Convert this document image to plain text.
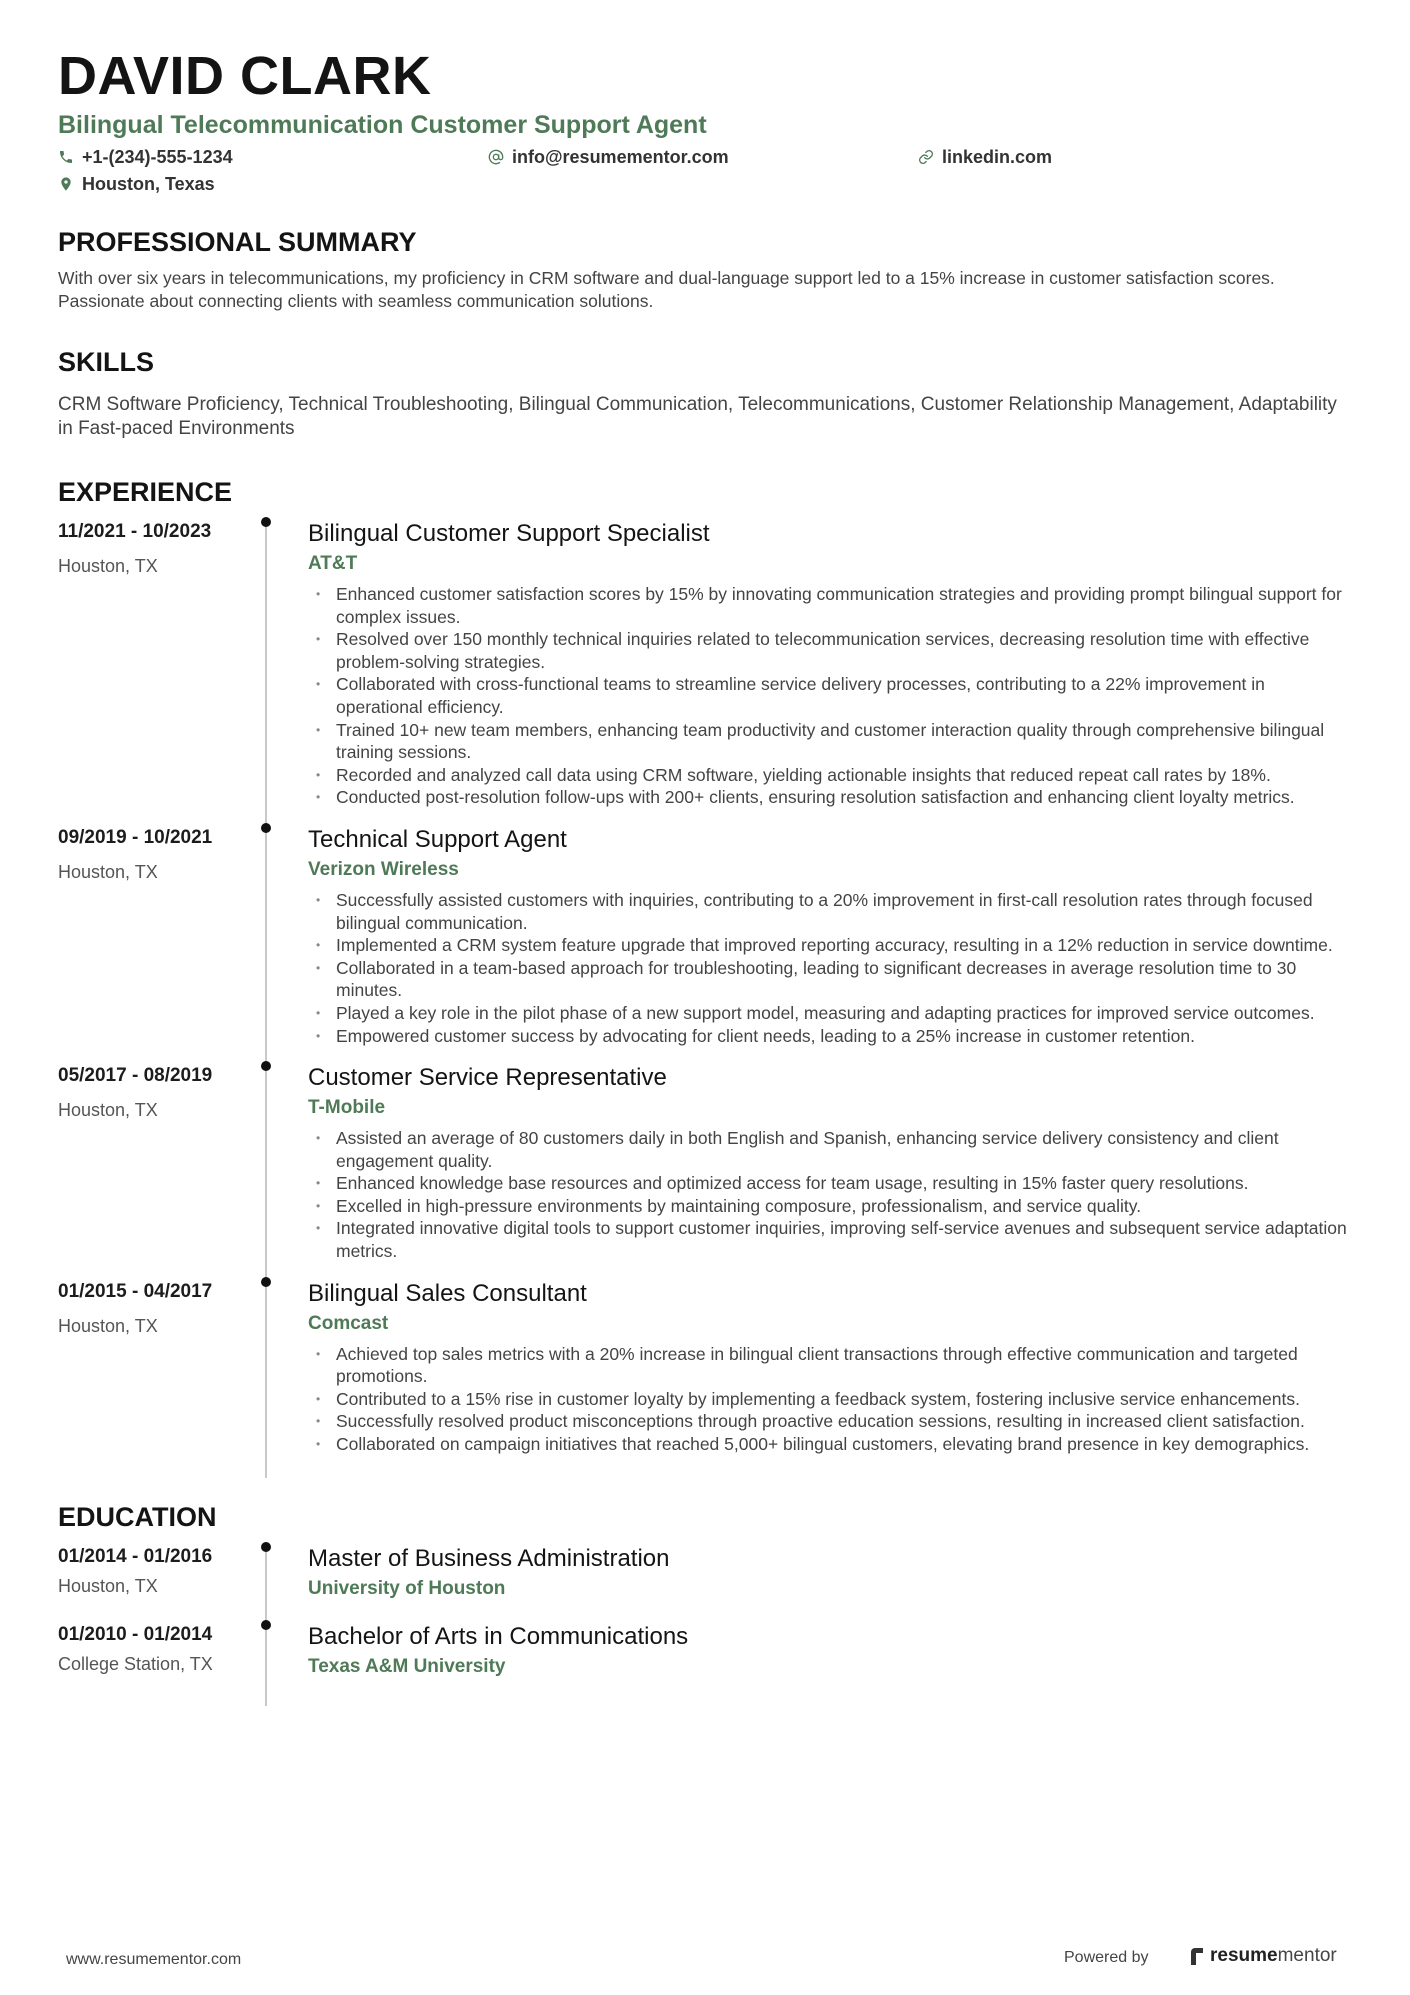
DAVID CLARK
Bilingual Telecommunication Customer Support Agent
+1-(234)-555-1234	info@resumementor.com	linkedin.com
Houston, Texas
PROFESSIONAL SUMMARY

With over six years in telecommunications, my proficiency in CRM software and dual-language support led to a 15% increase in customer satisfaction scores. Passionate about connecting clients with seamless communication solutions.

SKILLS

CRM Software Proficiency, Technical Troubleshooting, Bilingual Communication, Telecommunications, Customer Relationship Management, Adaptability in Fast-paced Environments

EXPERIENCE
11/2021 - 10/2023
Houston, TX
Bilingual Customer Support Specialist
AT&T
• Enhanced customer satisfaction scores by 15% by innovating communication strategies and providing prompt bilingual support for complex issues.
• Resolved over 150 monthly technical inquiries related to telecommunication services, decreasing resolution time with effective problem-solving strategies.
• Collaborated with cross-functional teams to streamline service delivery processes, contributing to a 22% improvement in operational efficiency.
• Trained 10+ new team members, enhancing team productivity and customer interaction quality through comprehensive bilingual training sessions.
• Recorded and analyzed call data using CRM software, yielding actionable insights that reduced repeat call rates by 18%.
• Conducted post-resolution follow-ups with 200+ clients, ensuring resolution satisfaction and enhancing client loyalty metrics.
09/2019 - 10/2021
Houston, TX
Technical Support Agent
Verizon Wireless
• Successfully assisted customers with inquiries, contributing to a 20% improvement in first-call resolution rates through focused bilingual communication.
• Implemented a CRM system feature upgrade that improved reporting accuracy, resulting in a 12% reduction in service downtime.
• Collaborated in a team-based approach for troubleshooting, leading to significant decreases in average resolution time to 30 minutes.
• Played a key role in the pilot phase of a new support model, measuring and adapting practices for improved service outcomes.
• Empowered customer success by advocating for client needs, leading to a 25% increase in customer retention.
05/2017 - 08/2019
Houston, TX
Customer Service Representative
T-Mobile
• Assisted an average of 80 customers daily in both English and Spanish, enhancing service delivery consistency and client engagement quality.
• Enhanced knowledge base resources and optimized access for team usage, resulting in 15% faster query resolutions.
• Excelled in high-pressure environments by maintaining composure, professionalism, and service quality.
• Integrated innovative digital tools to support customer inquiries, improving self-service avenues and subsequent service adaptation metrics.
01/2015 - 04/2017
Houston, TX
Bilingual Sales Consultant
Comcast
• Achieved top sales metrics with a 20% increase in bilingual client transactions through effective communication and targeted promotions.
• Contributed to a 15% rise in customer loyalty by implementing a feedback system, fostering inclusive service enhancements.
• Successfully resolved product misconceptions through proactive education sessions, resulting in increased client satisfaction.
• Collaborated on campaign initiatives that reached 5,000+ bilingual customers, elevating brand presence in key demographics.
EDUCATION
01/2014 - 01/2016
Houston, TX
Master of Business Administration
University of Houston
01/2010 - 01/2014
College Station, TX
Bachelor of Arts in Communications
Texas A&M University
www.resumementor.com	Powered by	resume mentor
